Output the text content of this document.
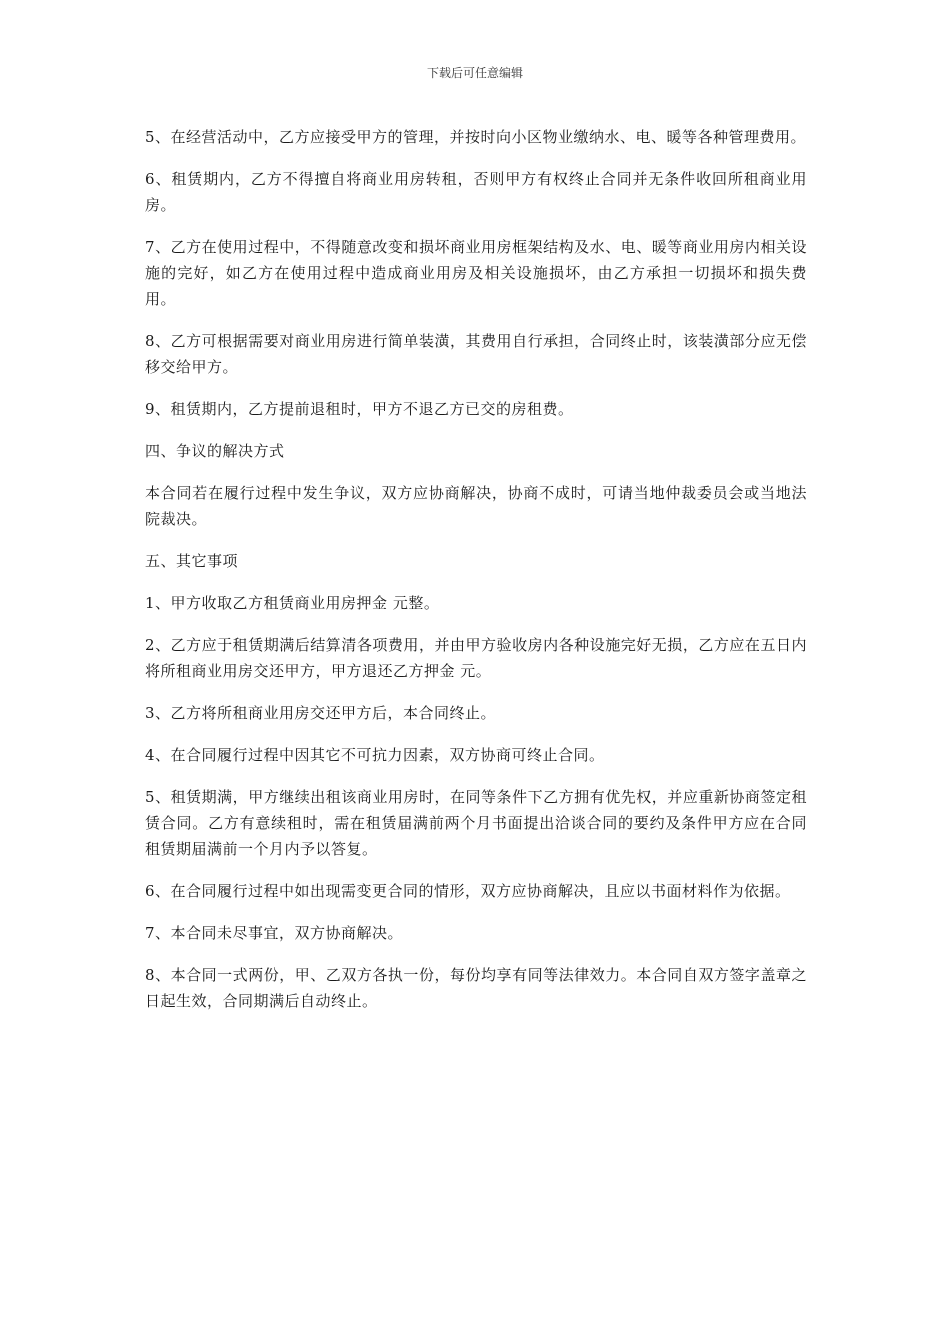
下载后可任意编辑

5、在经营活动中，乙方应接受甲方的管理，并按时向小区物业缴纳水、电、暖等各种管理费用。

6、租赁期内，乙方不得擅自将商业用房转租，否则甲方有权终止合同并无条件收回所租商业用房。

7、乙方在使用过程中，不得随意改变和损坏商业用房框架结构及水、电、暖等商业用房内相关设施的完好，如乙方在使用过程中造成商业用房及相关设施损坏，由乙方承担一切损坏和损失费用。

8、乙方可根据需要对商业用房进行简单装潢，其费用自行承担，合同终止时，该装潢部分应无偿移交给甲方。

9、租赁期内，乙方提前退租时，甲方不退乙方已交的房租费。

四、争议的解决方式

本合同若在履行过程中发生争议，双方应协商解决，协商不成时，可请当地仲裁委员会或当地法院裁决。

五、其它事项

1、甲方收取乙方租赁商业用房押金 元整。

2、乙方应于租赁期满后结算清各项费用，并由甲方验收房内各种设施完好无损，乙方应在五日内将所租商业用房交还甲方，甲方退还乙方押金 元。

3、乙方将所租商业用房交还甲方后，本合同终止。

4、在合同履行过程中因其它不可抗力因素，双方协商可终止合同。

5、租赁期满，甲方继续出租该商业用房时，在同等条件下乙方拥有优先权，并应重新协商签定租赁合同。乙方有意续租时，需在租赁届满前两个月书面提出洽谈合同的要约及条件甲方应在合同租赁期届满前一个月内予以答复。

6、在合同履行过程中如出现需变更合同的情形，双方应协商解决，且应以书面材料作为依据。

7、本合同未尽事宜，双方协商解决。

8、本合同一式两份，甲、乙双方各执一份，每份均享有同等法律效力。本合同自双方签字盖章之日起生效，合同期满后自动终止。
